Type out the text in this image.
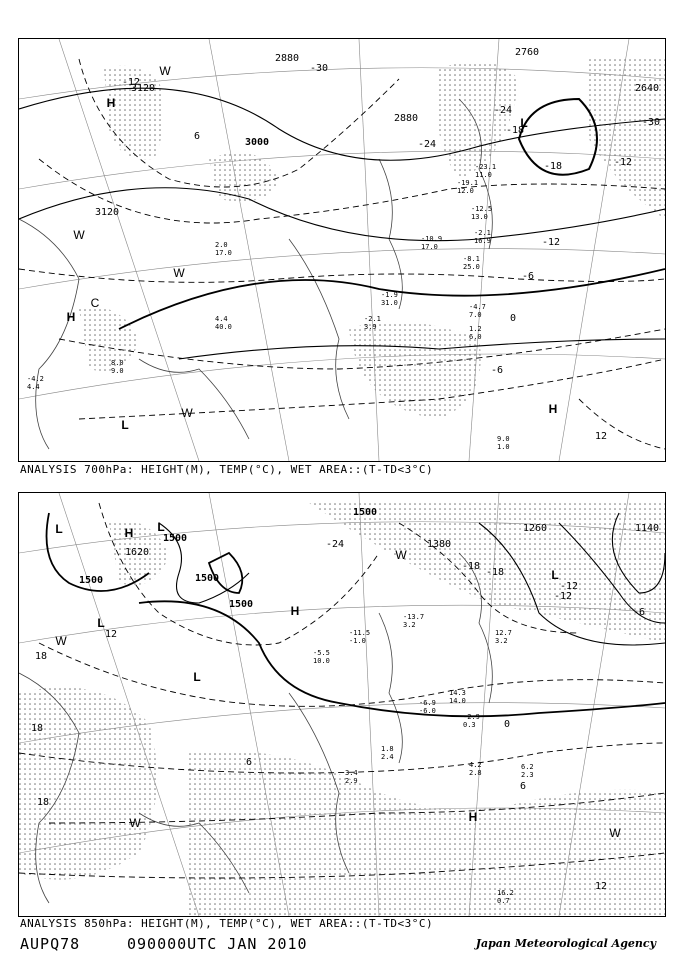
2880
2760
2640
3120
3000
3120
2880
-12
-30
-24
-18	-12
-12
-6
0
-6
6
12
-24
-18
-30
H
H
L
L
H
C
W
W
W
W
-2.1
16.9
-4.7
7.0
1.2
6.0
9.0
1.0
-1.9
31.0
-2.1
3.9
4.4
40.0
2.0
17.0
-12.5
13.0
-10.9
17.0
-8.1
25.0
-4.2
4.4
8.0
9.0
-23.1
11.0
-19.1
12.0
ANALYSIS 700hPa: HEIGHT(M), TEMP(°C), WET AREA::(T-TD<3°C)
1500
1500
1500
1500
1620
1380
1260	1140
1500
-24
-18
-12
-6
0
6
12
18
18
18
12
-18
-12
6
L	L
H
L
L
H
H
L
W
W
W
W
4.2
2.8
6.2
2.3
16.2
0.7
-2.9
0.3
1.8
2.4
3.4
2.9
-5.5
10.0
-11.5
-1.0
-13.7
3.2
12.7
3.2
14.3
14.0
-6.9
-6.0
ANALYSIS 850hPa: HEIGHT(M), TEMP(°C), WET AREA::(T-TD<3°C)
AUPQ78	090000UTC JAN 2010	Japan Meteorological Agency
